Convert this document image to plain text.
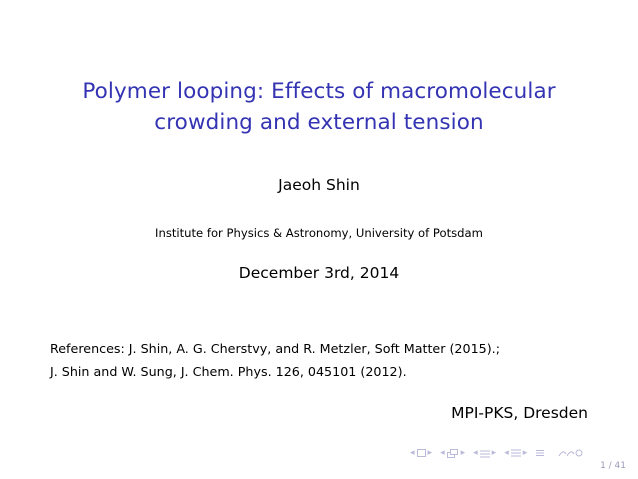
Polymer looping: Effects of macromolecular
crowding and external tension
Jaeoh Shin
Institute for Physics & Astronomy, University of Potsdam
December 3rd, 2014
References: J. Shin, A. G. Cherstvy, and R. Metzler, Soft Matter (2015).;
J. Shin and W. Sung, J. Chem. Phys. 126, 045101 (2012).
MPI-PKS, Dresden
◂ ▸ ◂ ▸ ◂ ▸ ◂ ▸
1 / 41
